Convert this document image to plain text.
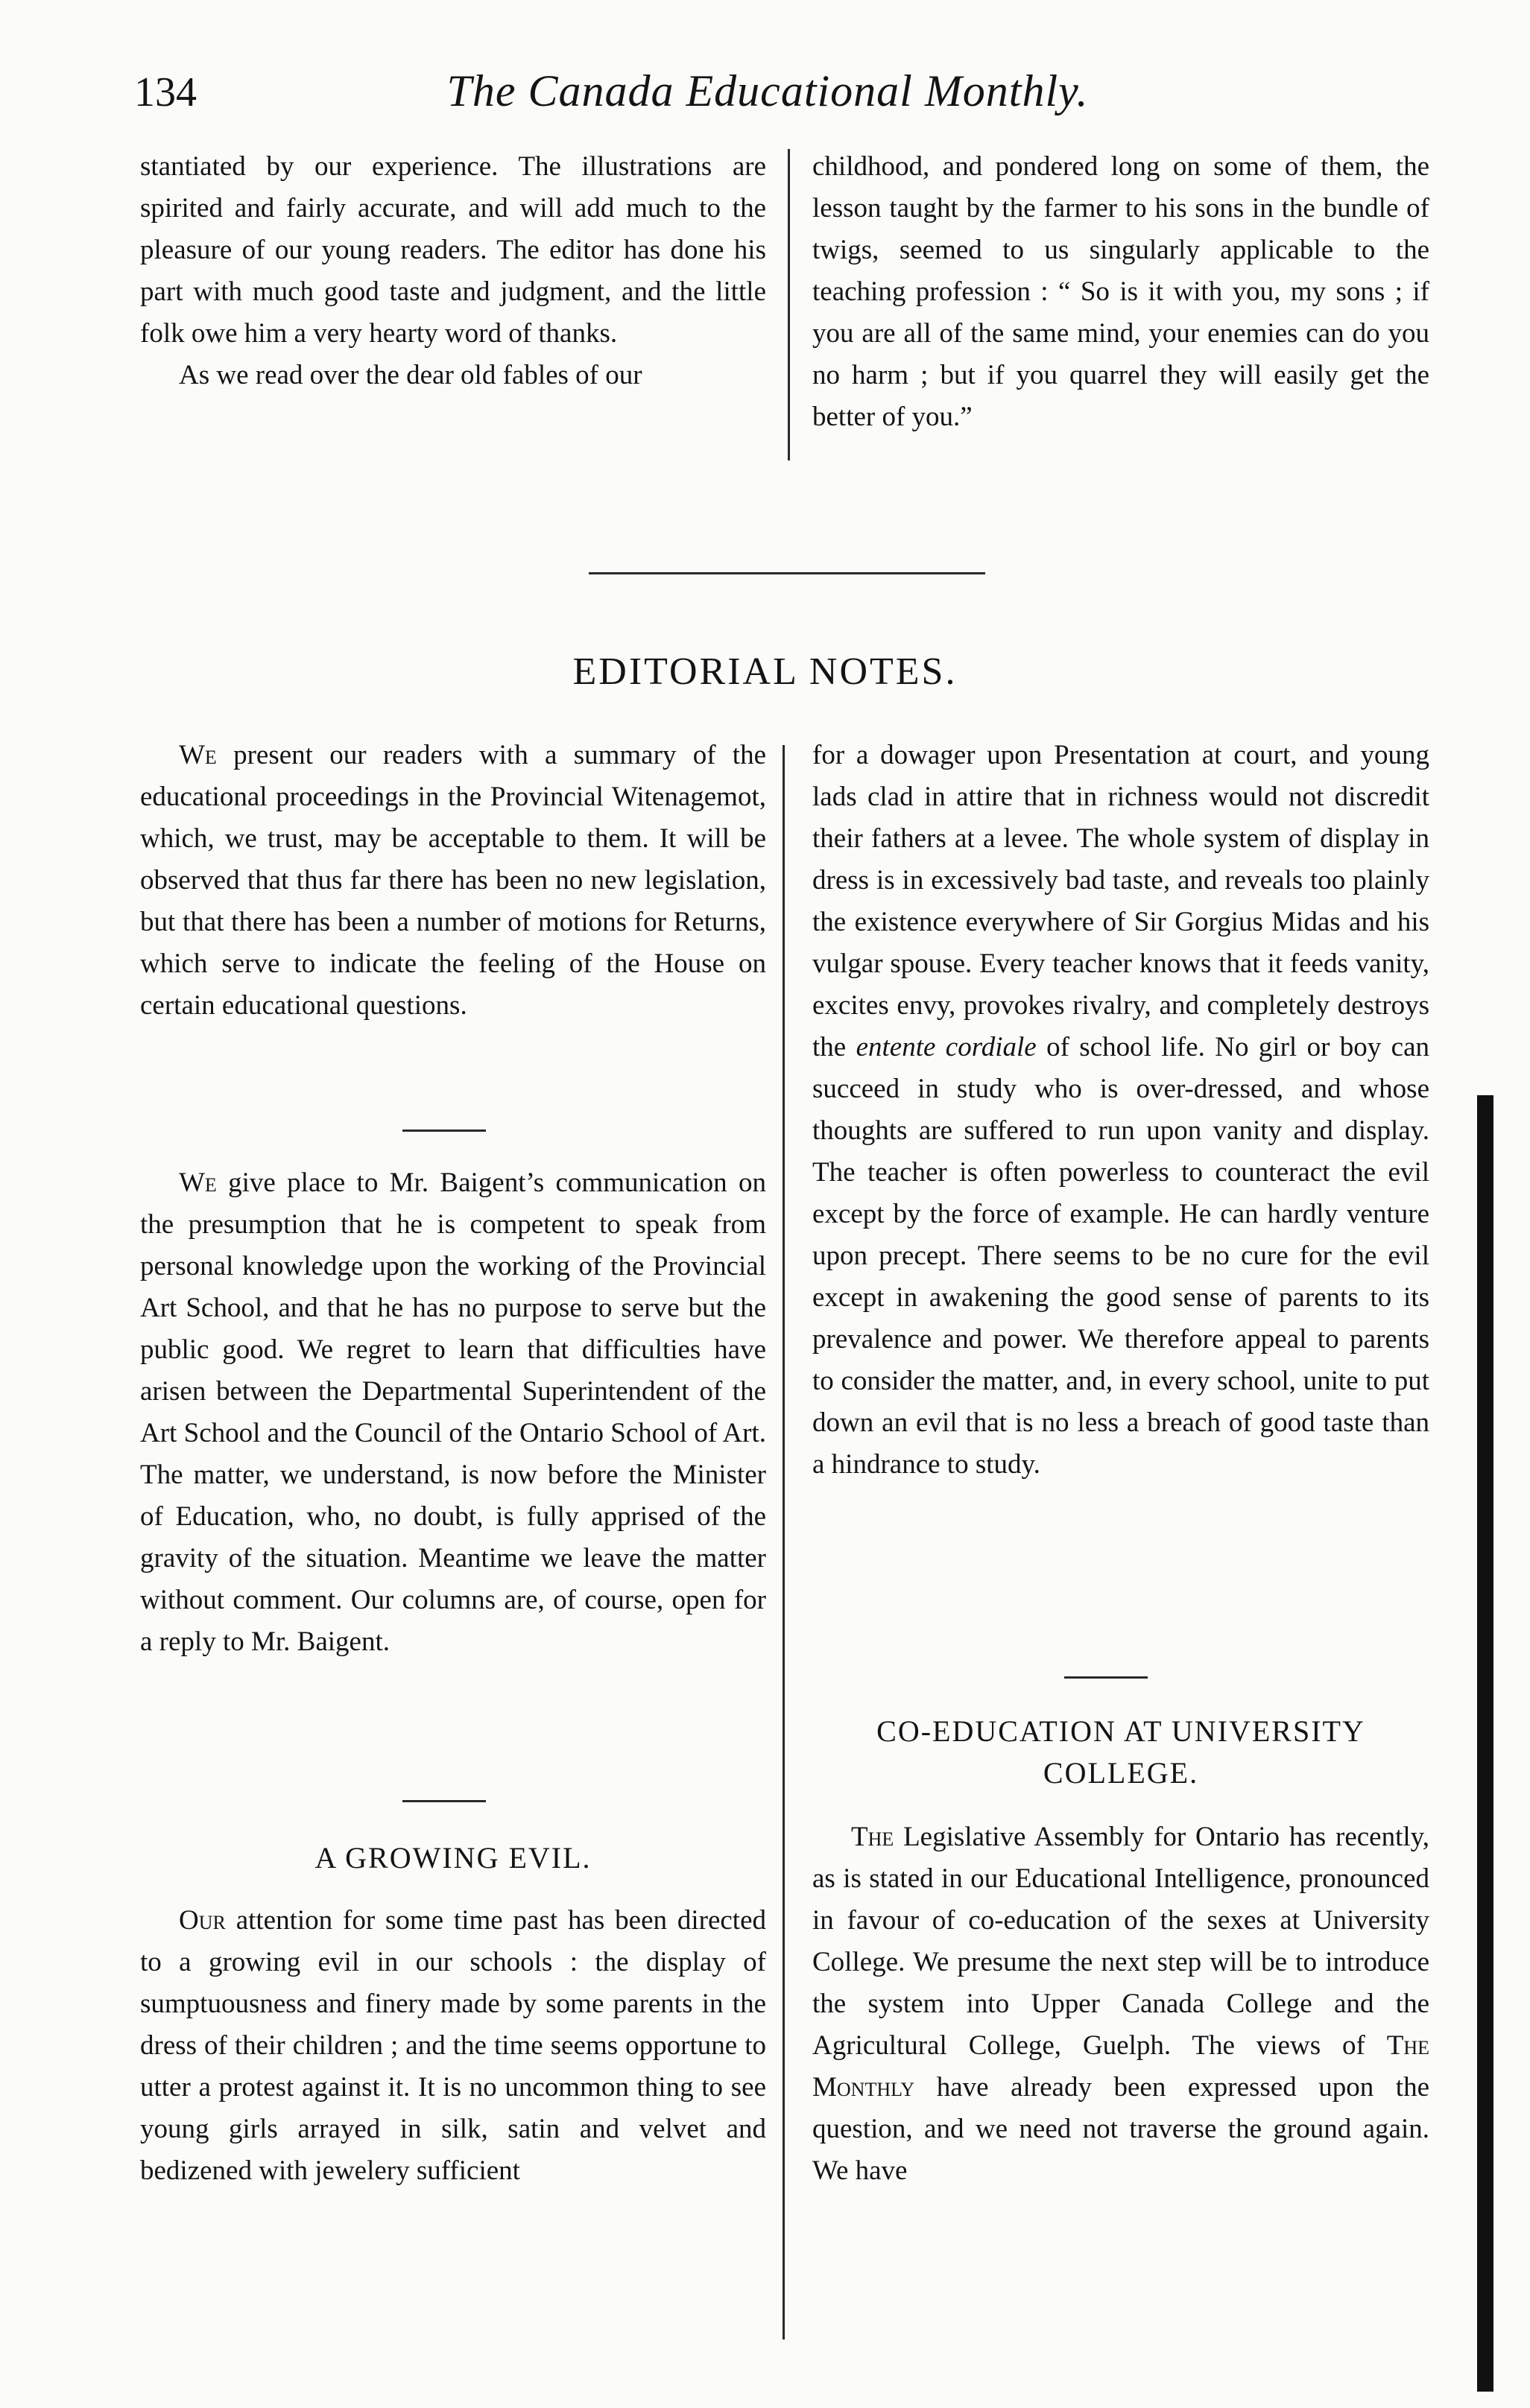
134	The Canada Educational Monthly.

stantiated by our experience. The illustrations are spirited and fairly accurate, and will add much to the pleasure of our young readers. The editor has done his part with much good taste and judgment, and the little folk owe him a very hearty word of thanks.

As we read over the dear old fables of our

childhood, and pondered long on some of them, the lesson taught by the farmer to his sons in the bundle of twigs, seemed to us singularly applicable to the teaching profession : “ So is it with you, my sons ; if you are all of the same mind, your enemies can do you no harm ; but if you quarrel they will easily get the better of you.”

EDITORIAL NOTES.

We present our readers with a summary of the educational proceedings in the Provincial Witenagemot, which, we trust, may be acceptable to them. It will be observed that thus far there has been no new legislation, but that there has been a number of motions for Returns, which serve to indicate the feeling of the House on certain educational questions.

We give place to Mr. Baigent’s communication on the presumption that he is competent to speak from personal knowledge upon the working of the Provincial Art School, and that he has no purpose to serve but the public good. We regret to learn that difficulties have arisen between the Departmental Superintendent of the Art School and the Council of the Ontario School of Art. The matter, we understand, is now before the Minister of Education, who, no doubt, is fully apprised of the gravity of the situation. Meantime we leave the matter without comment. Our columns are, of course, open for a reply to Mr. Baigent.

A GROWING EVIL.

Our attention for some time past has been directed to a growing evil in our schools : the display of sumptuousness and finery made by some parents in the dress of their children ; and the time seems opportune to utter a protest against it. It is no uncommon thing to see young girls arrayed in silk, satin and velvet and bedizened with jewelery sufficient

for a dowager upon Presentation at court, and young lads clad in attire that in richness would not discredit their fathers at a levee. The whole system of display in dress is in excessively bad taste, and reveals too plainly the existence everywhere of Sir Gorgius Midas and his vulgar spouse. Every teacher knows that it feeds vanity, excites envy, provokes rivalry, and completely destroys the entente cordiale of school life. No girl or boy can succeed in study who is over-dressed, and whose thoughts are suffered to run upon vanity and display. The teacher is often powerless to counteract the evil except by the force of example. He can hardly venture upon precept. There seems to be no cure for the evil except in awakening the good sense of parents to its prevalence and power. We therefore appeal to parents to consider the matter, and, in every school, unite to put down an evil that is no less a breach of good taste than a hindrance to study.

CO-EDUCATION AT UNIVERSITY
COLLEGE.

The Legislative Assembly for Ontario has recently, as is stated in our Educational Intelligence, pronounced in favour of co-education of the sexes at University College. We presume the next step will be to introduce the system into Upper Canada College and the Agricultural College, Guelph. The views of The Monthly have already been expressed upon the question, and we need not traverse the ground again. We have
